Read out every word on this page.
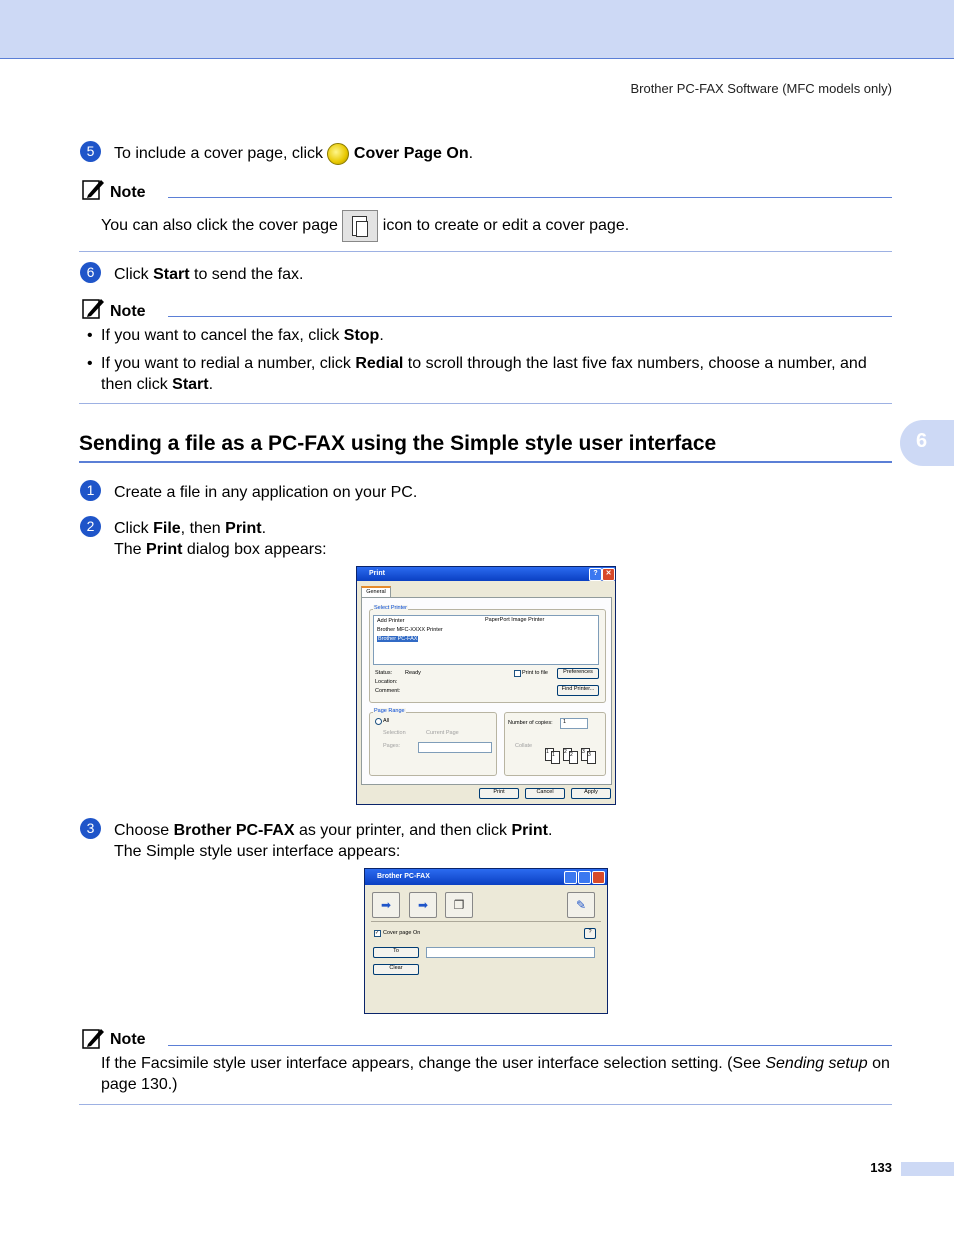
Brother PC-FAX Software (MFC models only)
6
5	To include a cover page, click Cover Page On.
Note
You can also click the cover page	icon to create or edit a cover page.
6	Click Start to send the fax.
Note
• If you want to cancel the fax, click Stop.
• If you want to redial a number, click Redial to scroll through the last five fax numbers, choose a number, and then click Start.
Sending a file as a PC-FAX using the Simple style user interface
1	Create a file in any application on your PC.
2	Click File, then Print.
The Print dialog box appears:
Print	?	✕
General
Select Printer
Add Printer	PaperPort Image Printer
Brother MFC-XXXX Printer
Brother PC-FAX
Status: Ready
Location:
Comment:
Print to file	Preferences
Find Printer...
Page Range
All
Selection	Current Page
Pages:
Number of copies:	1
Collate
1 1	2 2	3 3
Print	Cancel	Apply
3	Choose Brother PC-FAX as your printer, and then click Print.
The Simple style user interface appears:
Brother PC-FAX
➡	➡	❐	✎
✓ Cover page On	?
To
Clear
Note
If the Facsimile style user interface appears, change the user interface selection setting. (See Sending setup on page 130.)
133
